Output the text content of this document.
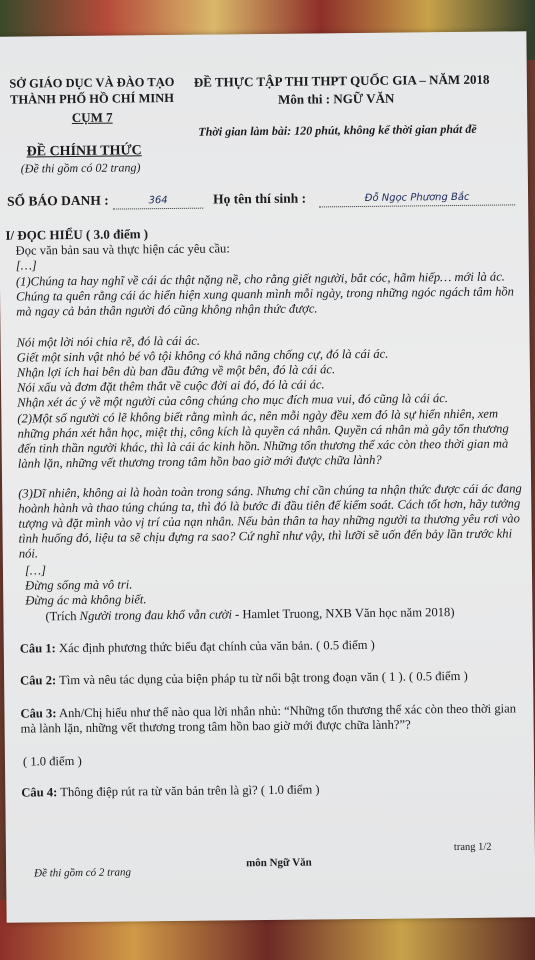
SỞ GIÁO DỤC VÀ ĐÀO TẠO
THÀNH PHỐ HỒ CHÍ MINH
CỤM 7
ĐỀ THỰC TẬP THI THPT QUỐC GIA – NĂM 2018
Môn thi : NGỮ VĂN
Thời gian làm bài: 120 phút, không kể thời gian phát đề
ĐỀ CHÍNH THỨC
(Đề thi gồm có 02 trang)
SỐ BÁO DANH :	364	Họ tên thí sinh :	Đỗ Ngọc Phương Bắc
I/ ĐỌC HIỂU ( 3.0 điểm )
Đọc văn bản sau và thực hiện các yêu cầu:
[…]
(1)Chúng ta hay nghĩ về cái ác thật nặng nề, cho rằng giết người, bắt cóc, hãm hiếp… mới là ác. Chúng ta quên rằng cái ác hiển hiện xung quanh mình mỗi ngày, trong những ngóc ngách tâm hồn mà ngay cả bản thân người đó cũng không nhận thức được.
Nói một lời nói chia rẽ, đó là cái ác.
Giết một sinh vật nhỏ bé vô tội không có khả năng chống cự, đó là cái ác.
Nhận lợi ích hai bên dù ban đầu đứng về một bên, đó là cái ác.
Nói xấu và đơm đặt thêm thắt về cuộc đời ai đó, đó là cái ác.
Nhận xét ác ý về một người của công chúng cho mục đích mua vui, đó cũng là cái ác.
(2)Một số người có lẽ không biết rằng mình ác, nên mỗi ngày đều xem đó là sự hiển nhiên, xem những phán xét hằn học, miệt thị, công kích là quyền cá nhân. Quyền cá nhân mà gây tổn thương đến tinh thần người khác, thì là cái ác kinh hồn. Những tổn thương thể xác còn theo thời gian mà lành lặn, những vết thương trong tâm hồn bao giờ mới được chữa lành?
(3)Dĩ nhiên, không ai là hoàn toàn trong sáng. Nhưng chỉ cần chúng ta nhận thức được cái ác đang hoành hành và thao túng chúng ta, thì đó là bước đi đầu tiên để kiểm soát. Cách tốt hơn, hãy tưởng tượng và đặt mình vào vị trí của nạn nhân. Nếu bản thân ta hay những người ta thương yêu rơi vào tình huống đó, liệu ta sẽ chịu đựng ra sao? Cứ nghĩ như vậy, thì lưỡi sẽ uốn đến bảy lần trước khi nói.
[…]
Đừng sống mà vô tri.
Đừng ác mà không biết.
(Trích Người trong đau khổ vẫn cười - Hamlet Truong, NXB Văn học năm 2018)
Câu 1: Xác định phương thức biểu đạt chính của văn bản. ( 0.5 điểm )
Câu 2: Tìm và nêu tác dụng của biện pháp tu từ nổi bật trong đoạn văn ( 1 ). ( 0.5 điểm )
Câu 3: Anh/Chị hiểu như thế nào qua lời nhắn nhủ: “Những tổn thương thể xác còn theo thời gian mà lành lặn, những vết thương trong tâm hồn bao giờ mới được chữa lành?”?
( 1.0 điểm )
Câu 4: Thông điệp rút ra từ văn bản trên là gì? ( 1.0 điểm )
trang 1/2
Đề thi gồm có 2 trang
môn Ngữ Văn
